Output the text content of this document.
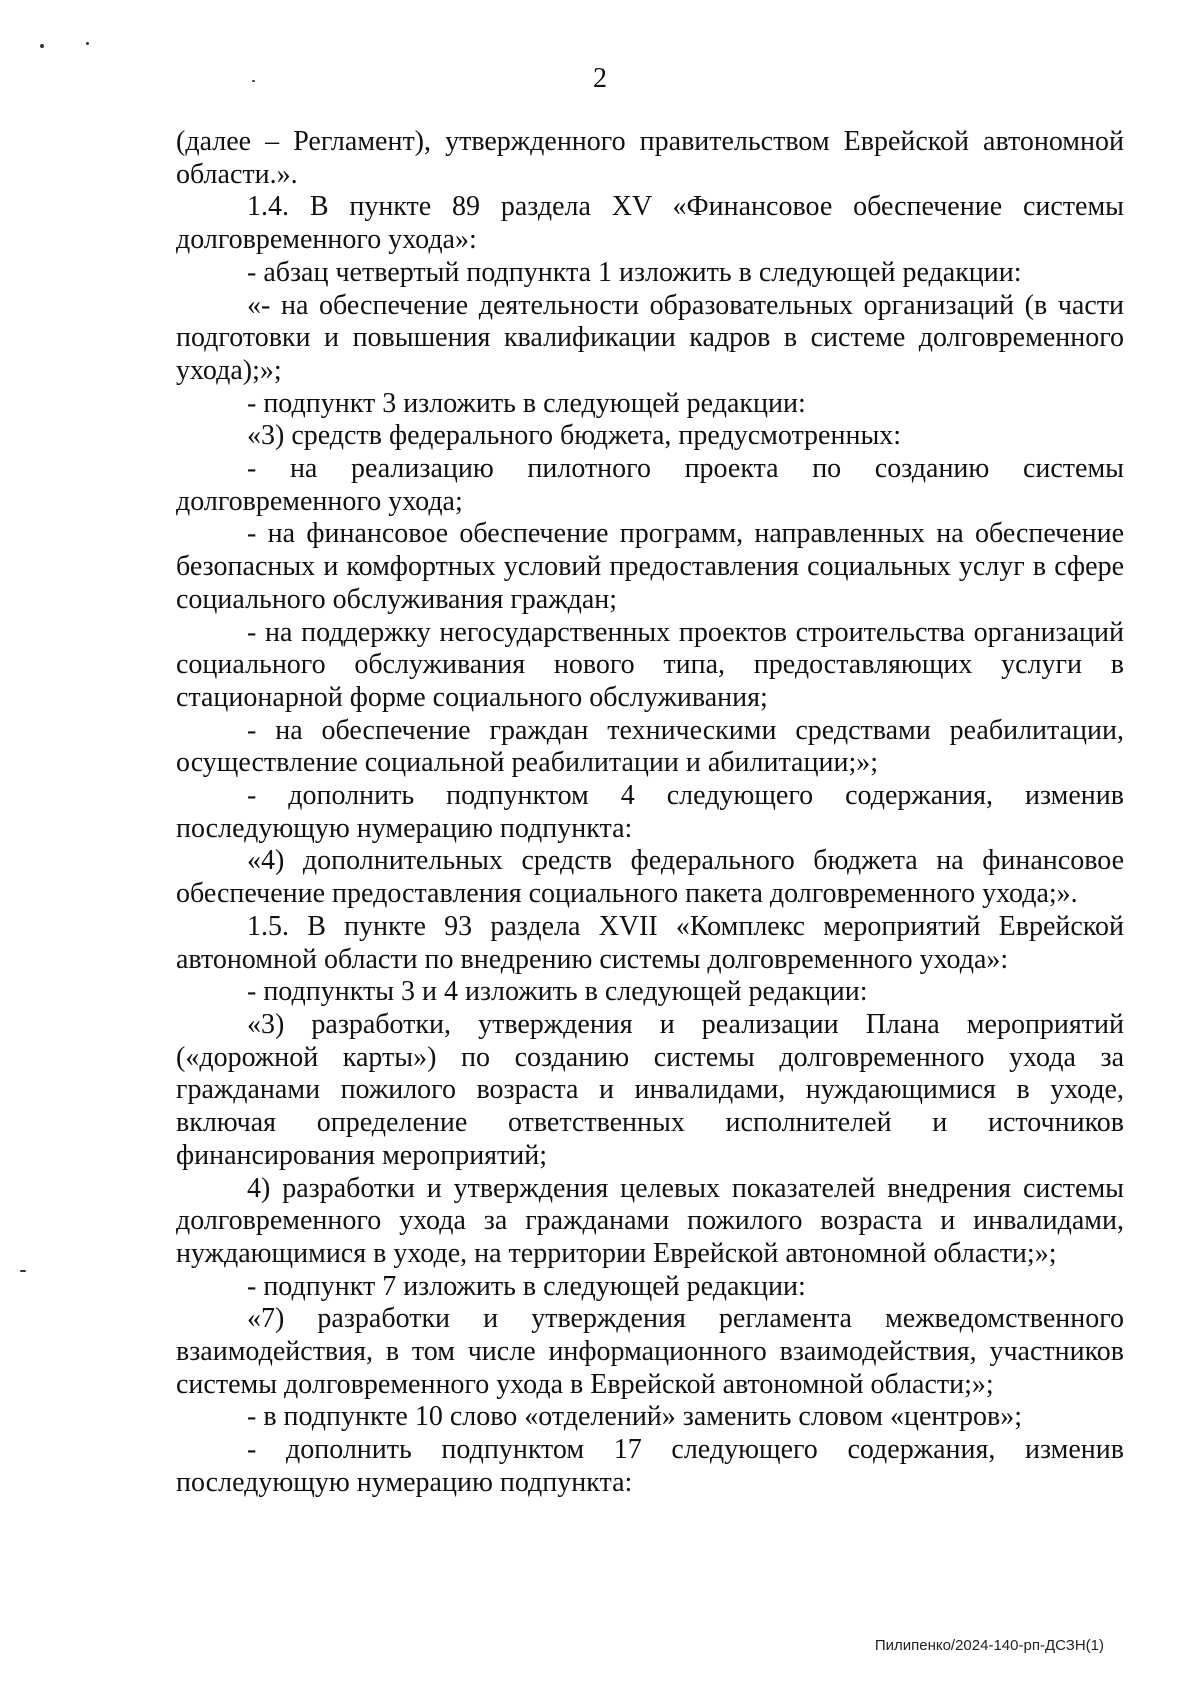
2

(далее – Регламент), утвержденного правительством Еврейской автономной области.».

1.4. В пункте 89 раздела XV «Финансовое обеспечение системы долговременного ухода»:

- абзац четвертый подпункта 1 изложить в следующей редакции:

«- на обеспечение деятельности образовательных организаций (в части подготовки и повышения квалификации кадров в системе долговременного ухода);»;

- подпункт 3 изложить в следующей редакции:

«3) средств федерального бюджета, предусмотренных:

- на реализацию пилотного проекта по созданию системы долговременного ухода;

- на финансовое обеспечение программ, направленных на обеспечение безопасных и комфортных условий предоставления социальных услуг в сфере социального обслуживания граждан;

- на поддержку негосударственных проектов строительства организаций социального обслуживания нового типа, предоставляющих услуги в стационарной форме социального обслуживания;

- на обеспечение граждан техническими средствами реабилитации, осуществление социальной реабилитации и абилитации;»;

- дополнить подпунктом 4 следующего содержания, изменив последующую нумерацию подпункта:

«4) дополнительных средств федерального бюджета на финансовое обеспечение предоставления социального пакета долговременного ухода;».

1.5. В пункте 93 раздела XVII «Комплекс мероприятий Еврейской автономной области по внедрению системы долговременного ухода»:

- подпункты 3 и 4 изложить в следующей редакции:

«3) разработки, утверждения и реализации Плана мероприятий («дорожной карты») по созданию системы долговременного ухода за гражданами пожилого возраста и инвалидами, нуждающимися в уходе, включая определение ответственных исполнителей и источников финансирования мероприятий;

4) разработки и утверждения целевых показателей внедрения системы долговременного ухода за гражданами пожилого возраста и инвалидами, нуждающимися в уходе, на территории Еврейской автономной области;»;

- подпункт 7 изложить в следующей редакции:

«7) разработки и утверждения регламента межведомственного взаимодействия, в том числе информационного взаимодействия, участников системы долговременного ухода в Еврейской автономной области;»;

- в подпункте 10 слово «отделений» заменить словом «центров»;

- дополнить подпунктом 17 следующего содержания, изменив последующую нумерацию подпункта:

Пилипенко/2024-140-рп-ДСЗН(1)
